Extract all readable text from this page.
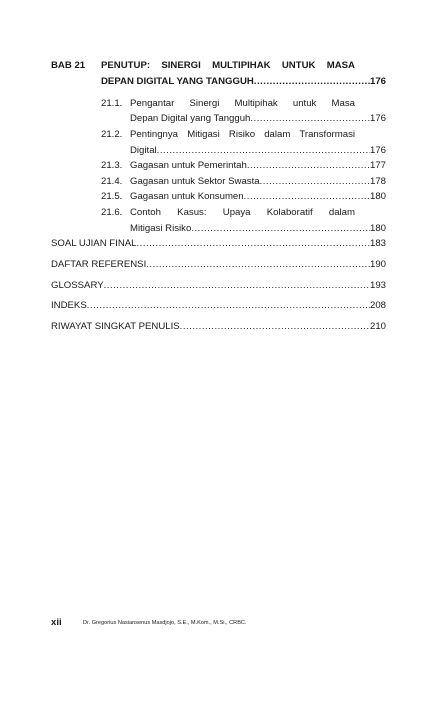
BAB 21 PENUTUP: SINERGI MULTIPIHAK UNTUK MASA
DEPAN DIGITAL YANG TANGGUH .....	176
21.1. Pengantar Sinergi Multipihak untuk Masa
Depan Digital yang Tangguh .....	176
21.2. Pentingnya Mitigasi Risiko dalam Transformasi
Digital .....	176
21.3. Gagasan untuk Pemerintah .....	177
21.4. Gagasan untuk Sektor Swasta .....	178
21.5. Gagasan untuk Konsumen .....	180
21.6. Contoh Kasus: Upaya Kolaboratif dalam
Mitigasi Risiko .....	180
SOAL UJIAN FINAL .....	183
DAFTAR REFERENSI .....	190
GLOSSARY .....	193
INDEKS .....	208
RIWAYAT SINGKAT PENULIS .....	210
xii	Dr. Gregorius Nasiansenus Masdjojo, S.E., M.Kom., M.Si., CRBC.
